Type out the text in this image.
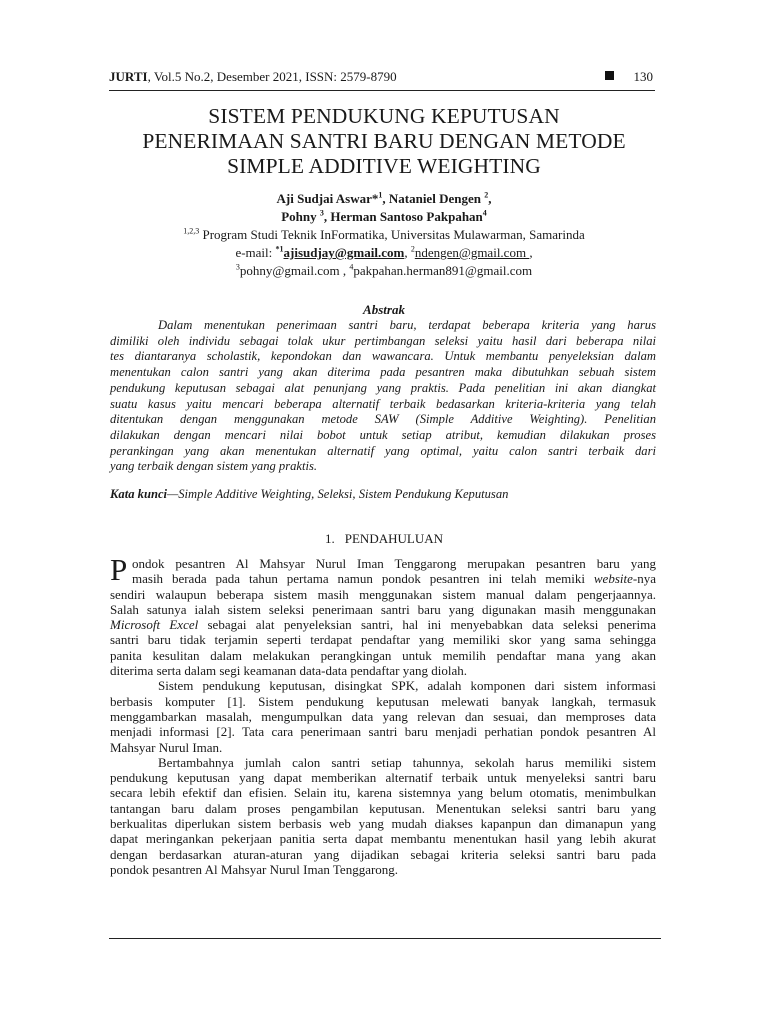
JURTI, Vol.5 No.2, Desember 2021, ISSN: 2579-8790	130
SISTEM PENDUKUNG KEPUTUSAN
PENERIMAAN SANTRI BARU DENGAN METODE
SIMPLE ADDITIVE WEIGHTING
Aji Sudjai Aswar*$^1$, Nataniel Dengen $^2$,
Pohny $^3$, Herman Santoso Pakpahan$^4$
$^{1,2,3}$ Program Studi Teknik InFormatika, Universitas Mulawarman, Samarinda
e-mail: $^{*1}$ajisudjay@gmail.com, $^2$ndengen@gmail.com ,
$^3$pohny@gmail.com , $^4$pakpahan.herman891@gmail.com
Abstrak
Dalam menentukan penerimaan santri baru, terdapat beberapa kriteria yang harus
dimiliki oleh individu sebagai tolak ukur pertimbangan seleksi yaitu hasil dari beberapa nilai
tes diantaranya scholastik, kepondokan dan wawancara. Untuk membantu penyeleksian dalam
menentukan calon santri yang akan diterima pada pesantren maka dibutuhkan sebuah sistem
pendukung keputusan sebagai alat penunjang yang praktis. Pada penelitian ini akan diangkat
suatu kasus yaitu mencari beberapa alternatif terbaik bedasarkan kriteria-kriteria yang telah
ditentukan dengan menggunakan metode SAW (Simple Additive Weighting). Penelitian
dilakukan dengan mencari nilai bobot untuk setiap atribut, kemudian dilakukan proses
perankingan yang akan menentukan alternatif yang optimal, yaitu calon santri terbaik dari
yang terbaik dengan sistem yang praktis.
Kata kunci—Simple Additive Weighting, Seleksi, Sistem Pendukung Keputusan
1. PENDAHULUAN
P ondok pesantren Al Mahsyar Nurul Iman Tenggarong merupakan pesantren baru yang
masih berada pada tahun pertama namun pondok pesantren ini telah memiki website-nya
sendiri walaupun beberapa sistem masih menggunakan sistem manual dalam pengerjaannya.
Salah satunya ialah sistem seleksi penerimaan santri baru yang digunakan masih menggunakan
Microsoft Excel sebagai alat penyeleksian santri, hal ini menyebabkan data seleksi penerima
santri baru tidak terjamin seperti terdapat pendaftar yang memiliki skor yang sama sehingga
panita kesulitan dalam melakukan perangkingan untuk memilih pendaftar mana yang akan
diterima serta dalam segi keamanan data-data pendaftar yang diolah.
Sistem pendukung keputusan, disingkat SPK, adalah komponen dari sistem informasi
berbasis komputer [1]. Sistem pendukung keputusan melewati banyak langkah, termasuk
menggambarkan masalah, mengumpulkan data yang relevan dan sesuai, dan memproses data
menjadi informasi [2]. Tata cara penerimaan santri baru menjadi perhatian pondok pesantren Al
Mahsyar Nurul Iman.
Bertambahnya jumlah calon santri setiap tahunnya, sekolah harus memiliki sistem
pendukung keputusan yang dapat memberikan alternatif terbaik untuk menyeleksi santri baru
secara lebih efektif dan efisien. Selain itu, karena sistemnya yang belum otomatis, menimbulkan
tantangan baru dalam proses pengambilan keputusan. Menentukan seleksi santri baru yang
berkualitas diperlukan sistem berbasis web yang mudah diakses kapanpun dan dimanapun yang
dapat meringankan pekerjaan panitia serta dapat membantu menentukan hasil yang lebih akurat
dengan berdasarkan aturan-aturan yang dijadikan sebagai kriteria seleksi santri baru pada
pondok pesantren Al Mahsyar Nurul Iman Tenggarong.
